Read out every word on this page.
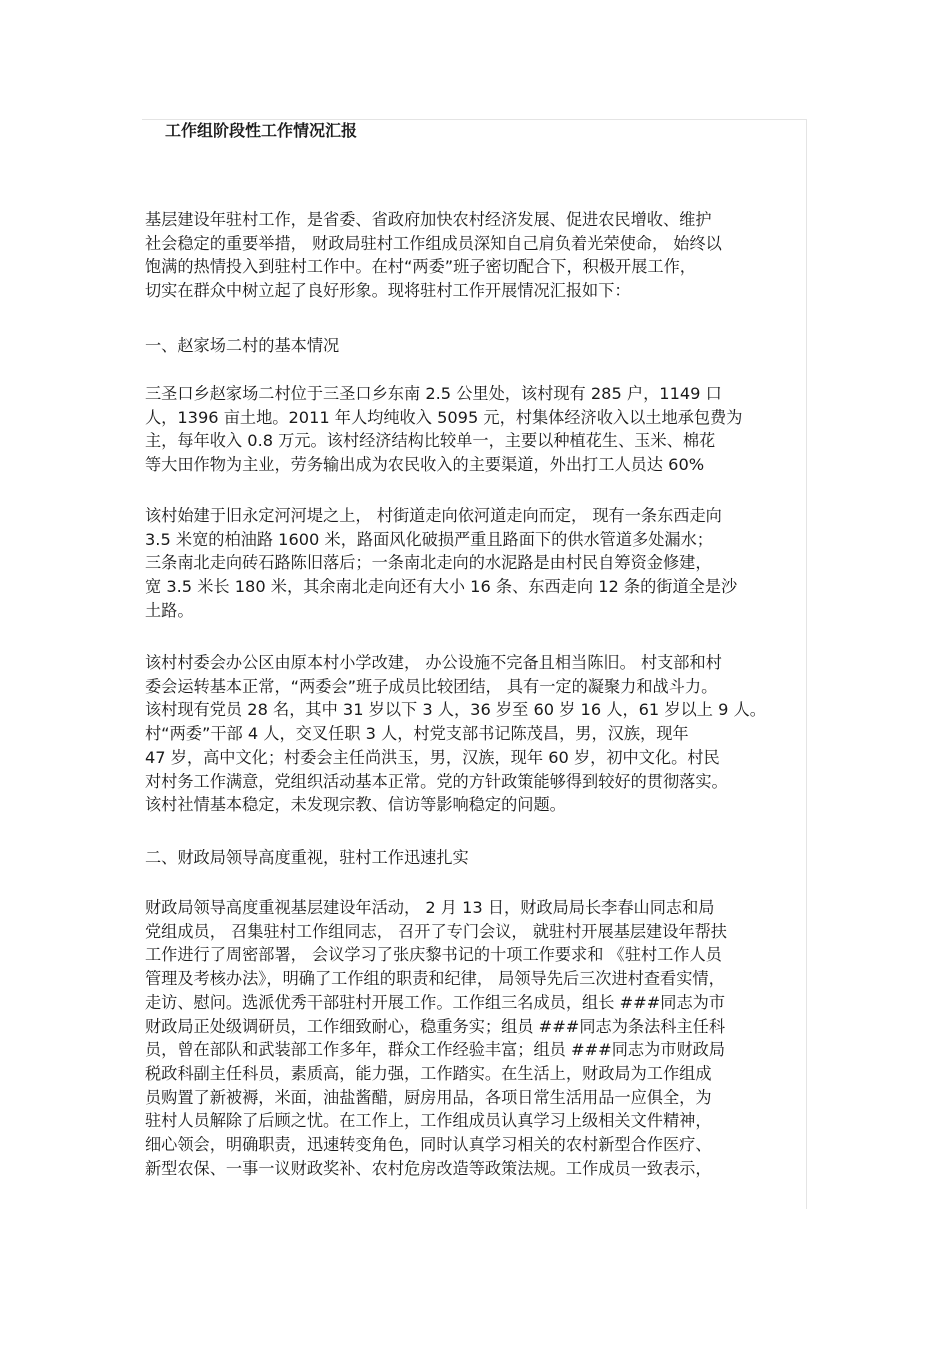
工作组阶段性工作情况汇报
基层建设年驻村工作，是省委、省政府加快农村经济发展、促进农民增收、维护
社会稳定的重要举措， 财政局驻村工作组成员深知自己肩负着光荣使命， 始终以
饱满的热情投入到驻村工作中。在村“两委”班子密切配合下，积极开展工作，
切实在群众中树立起了良好形象。现将驻村工作开展情况汇报如下：
一、赵家场二村的基本情况
三圣口乡赵家场二村位于三圣口乡东南 2.5 公里处，该村现有 285 户，1149 口
人，1396 亩土地。2011 年人均纯收入 5095 元，村集体经济收入以土地承包费为
主，每年收入 0.8 万元。该村经济结构比较单一，主要以种植花生、玉米、棉花
等大田作物为主业，劳务输出成为农民收入的主要渠道，外出打工人员达 60%
该村始建于旧永定河河堤之上， 村街道走向依河道走向而定， 现有一条东西走向
3.5 米宽的柏油路 1600 米，路面风化破损严重且路面下的供水管道多处漏水；
三条南北走向砖石路陈旧落后；一条南北走向的水泥路是由村民自筹资金修建，
宽 3.5 米长 180 米，其余南北走向还有大小 16 条、东西走向 12 条的街道全是沙
土路。
该村村委会办公区由原本村小学改建， 办公设施不完备且相当陈旧。 村支部和村
委会运转基本正常，“两委会”班子成员比较团结， 具有一定的凝聚力和战斗力。
该村现有党员 28 名，其中 31 岁以下 3 人，36 岁至 60 岁 16 人，61 岁以上 9 人。
村“两委”干部 4 人，交叉任职 3 人，村党支部书记陈茂昌，男，汉族，现年
47 岁，高中文化；村委会主任尚洪玉，男，汉族，现年 60 岁，初中文化。村民
对村务工作满意，党组织活动基本正常。党的方针政策能够得到较好的贯彻落实。
该村社情基本稳定，未发现宗教、信访等影响稳定的问题。
二、财政局领导高度重视，驻村工作迅速扎实
财政局领导高度重视基层建设年活动， 2 月 13 日，财政局局长李春山同志和局
党组成员， 召集驻村工作组同志， 召开了专门会议， 就驻村开展基层建设年帮扶
工作进行了周密部署， 会议学习了张庆黎书记的十项工作要求和 《驻村工作人员
管理及考核办法》，明确了工作组的职责和纪律， 局领导先后三次进村查看实情，
走访、慰问。选派优秀干部驻村开展工作。工作组三名成员，组长 ###同志为市
财政局正处级调研员，工作细致耐心，稳重务实；组员 ###同志为条法科主任科
员，曾在部队和武装部工作多年，群众工作经验丰富；组员 ###同志为市财政局
税政科副主任科员，素质高，能力强，工作踏实。在生活上，财政局为工作组成
员购置了新被褥，米面，油盐酱醋，厨房用品，各项日常生活用品一应俱全，为
驻村人员解除了后顾之忧。在工作上，工作组成员认真学习上级相关文件精神，
细心领会，明确职责，迅速转变角色，同时认真学习相关的农村新型合作医疗、
新型农保、一事一议财政奖补、农村危房改造等政策法规。工作成员一致表示，
